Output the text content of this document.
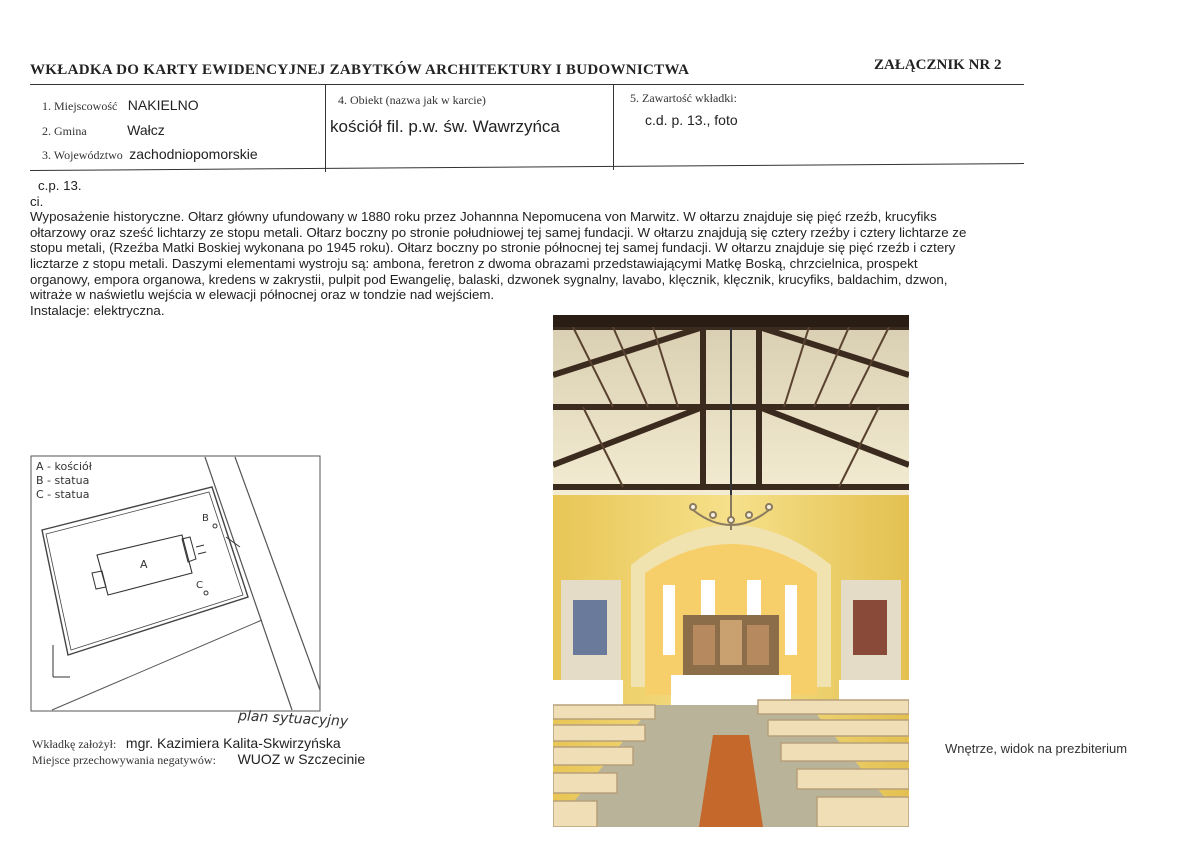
WKŁADKA DO KARTY EWIDENCYJNEJ ZABYTKÓW ARCHITEKTURY I BUDOWNICTWA	ZAŁĄCZNIK NR 2
1. Miejscowość NAKIELNO
2. Gmina	Wałcz
3. Województwo zachodniopomorskie
4. Obiekt (nazwa jak w karcie)
kościół fil. p.w. św. Wawrzyńca
5. Zawartość wkładki:
c.d. p. 13., foto
c.p. 13.
ci.
Wyposażenie historyczne. Ołtarz główny ufundowany w 1880 roku przez Johannna Nepomucena von Marwitz. W ołtarzu znajduje się pięć rzeźb, krucyfiks
ołtarzowy oraz sześć lichtarzy ze stopu metali. Ołtarz boczny po stronie południowej tej samej fundacji. W ołtarzu znajdują się cztery rzeźby i cztery lichtarze ze
stopu metali, (Rzeźba Matki Boskiej wykonana po 1945 roku). Ołtarz boczny po stronie północnej tej samej fundacji. W ołtarzu znajduje się pięć rzeźb i cztery
licztarze z stopu metali. Daszymi elementami wystroju są: ambona, feretron z dwoma obrazami przedstawiającymi Matkę Boską, chrzcielnica, prospekt
organowy, empora organowa, kredens w zakrystii, pulpit pod Ewangelię, balaski, dzwonek sygnalny, lavabo, klęcznik, klęcznik, krucyfiks, baldachim, dzwon,
witraże w naświetlu wejścia w elewacji północnej oraz w tondzie nad wejściem.
Instalacje: elektryczna.
A
B
C
A - kościół
B - statua
C - statua
plan sytuacyjny
Wkładkę założył: mgr. Kazimiera Kalita-Skwirzyńska
Miejsce przechowywania negatywów: WUOZ w Szczecinie
Wnętrze, widok na prezbiterium
